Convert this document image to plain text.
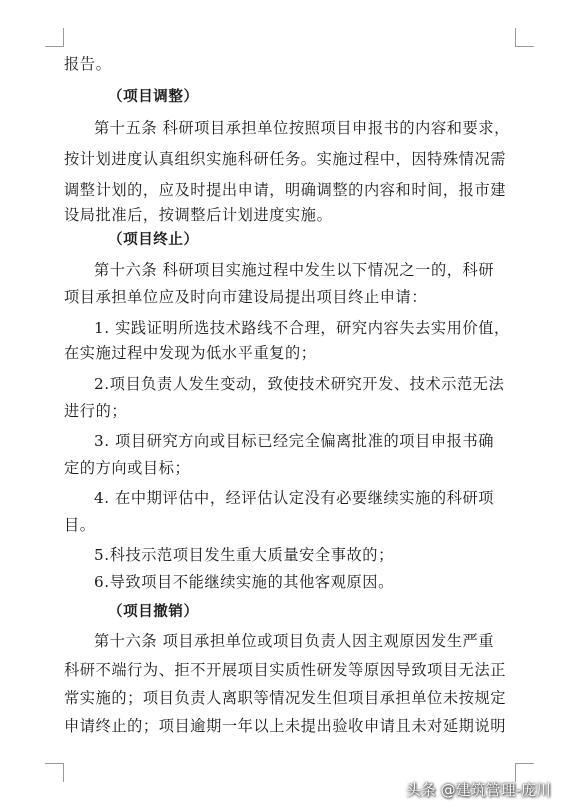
报告。
（项目调整）
第十五条 科研项目承担单位按照项目申报书的内容和要求，
按计划进度认真组织实施科研任务。实施过程中，因特殊情况需
调整计划的，应及时提出申请，明确调整的内容和时间，报市建
设局批准后，按调整后计划进度实施。
（项目终止）
第十六条 科研项目实施过程中发生以下情况之一的，科研
项目承担单位应及时向市建设局提出项目终止申请：
1. 实践证明所选技术路线不合理，研究内容失去实用价值，
在实施过程中发现为低水平重复的；
2.项目负责人发生变动，致使技术研究开发、技术示范无法
进行的；
3. 项目研究方向或目标已经完全偏离批准的项目申报书确
定的方向或目标；
4. 在中期评估中，经评估认定没有必要继续实施的科研项
目。
5.科技示范项目发生重大质量安全事故的；
6.导致项目不能继续实施的其他客观原因。
（项目撤销）
第十六条 项目承担单位或项目负责人因主观原因发生严重
科研不端行为、拒不开展项目实质性研发等原因导致项目无法正
常实施的；项目负责人离职等情况发生但项目承担单位未按规定
申请终止的；项目逾期一年以上未提出验收申请且未对延期说明
头条 @建筑管理-庞川
